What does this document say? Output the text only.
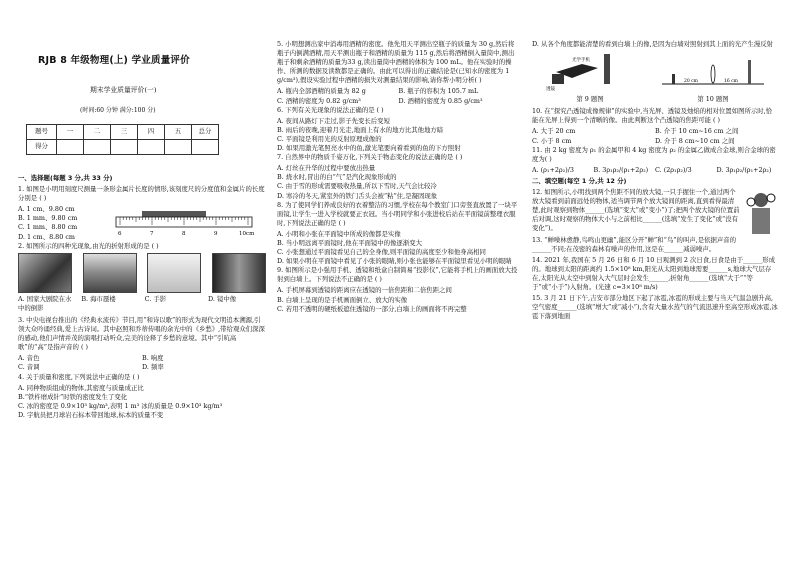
RJB 8 年级物理(上) 学业质量评价
期末学业质量评价(一)
(时间:60 分钟 满分:100 分)
题号	一	二	三	四	五	总分
得分						
一、选择题(每题 3 分,共 33 分)
1. 如图是小明用刻度尺测量一条形金属片长度的情形,该刻度尺的分度值和金属片的长度分别是 ( )
A. 1 cm、9.80 cm
B. 1 mm、9.80 cm
C. 1 mm、8.80 cm
D. 1 cm、8.80 cm	6	7	8	9	10cm
2. 如图所示的四种光现象,由光的折射形成的是 ( )
A. 国家大剧院在水中的倒影
B. 海市蜃楼	C. 手影	D. 镜中像
3. 中央电视台推出的《经典永流传》节目,用“和诗以歌”的形式为现代文明追本溯源,引领大众吟诵经典,爱上古诗词。其中赵照和乔蒂传唱的余光中的《乡愁》,带给观众们深深的感动,他们声情并茂的演唱打动听众,完美的诠释了乡愁的意境。其中“引吭高歌”的“高”是指声音的 ( )
A. 音色	B. 响度
C. 音调	D. 频率
4. 关于质量和密度,下列说法中正确的是 ( )
A. 同种物质组成的物体,其密度与质量成正比
B.“铁杵磨成针”时铁的密度发生了变化
C. 冰的密度是 0.9×10³ kg/m³,表明 1 m³ 冰的质量是 0.9×10³ kg/m³
D. 宇航员把月球岩石标本带回地球,标本的质量不变
5. 小明想测出家中消毒用酒精的密度。他先用天平测出空瓶子的质量为 30 g,然后将瓶子内倒满酒精,用天平测出瓶子和酒精的质量为 115 g,然后将酒精倒入量筒中,测出瓶子和剩余酒精的质量为33 g,读出量筒中酒精的体积为 100 mL。他在实验时的操作、所测的数据及读数都是正确的。由此可以得出的正确结论是(已知水的密度为 1 g/cm³),假设实验过程中酒精的损失对测量结果的影响,请你帮小明分析( )
A. 瓶内全部酒精的质量为 82 g	B. 瓶子的容积为 105.7 mL
C. 酒精的密度为 0.82 g/cm³	D. 酒精的密度为 0.85 g/cm³
6. 下列有关光现象的说法正确的是 ( )
A. 夜间从路灯下走过,影子先变长后变短
B. 雨后的夜晚,迎着月光走,地面上有水的地方比其他地方暗
C. 平面镜是利用光的反射原理成像的
D. 如果用激光笔照亮水中的鱼,激光笔要向着看到的鱼的下方照射
7. 自然界中的物质千姿万化,下列关于物态变化的说法正确的是 ( )
A. 灯丝在升华的过程中要放出热量
B. 烧水时,冒出的白“气”是汽化现象形成的
C. 由于雪的形成需要吸收热量,所以下雪时,天气会比较冷
D. 寒冷的冬天,紧室外的铁门舌头会被“粘”住,是凝固现象
8. 为了使同学们养成良好的衣着整洁的习惯,学校在每个教室门口旁竖直放置了一块平面镜,让学生一进入学校就要正衣冠。当小明同学和小张进校后站在平面镜前整理衣服时,下列说法正确的是 ( )
A. 小明和小张在平面镜中所成的像都是实像
B. 当小明远离平面镜时,他在平面镜中的像逐渐变大
C. 小张想通过平面镜看见自己的全身像,则平面镜的高度至少和他身高相同
D. 如果小明在平面镜中看见了小张的眼睛,则小张也能够在平面镜里看见小明的眼睛
9. 如图所示是小强用手机、透镜和纸盒自制简易“投影仪”,它能将手机上的画面放大投射到白墙上。下列说法不正确的是 ( )
A. 手机屏幕到透镜的距离应在透镜的一倍焦距和二倍焦距之间
B. 白墙上呈现的是手机画面倒立、放大的实像
C. 若用不透明的硬纸板遮住透镜的一部分,白墙上的画面将不再完整
D. 从各个角度都能清楚的看到白墙上的像,是因为白墙对照射到其上面的光产生漫反射
光学手机
透镜
第 9 题图
20 cm	16 cm
第 10 题图
10. 在“探究凸透镜成像规律”的实验中,当光屏、透镜及烛焰的相对位置如图所示时,恰能在光屏上得到一个清晰的像。由此判断这个凸透镜的焦距可能 ( )
A. 大于 20 cm	B. 介于 10 cm~16 cm 之间
C. 小于 8 cm	D. 介于 8 cm~10 cm 之间
11. 由 2 kg 密度为 ρ₁ 的金属甲和 4 kg 密度为 ρ₂ 的金属乙做成合金球,则合金球的密度为( )
A. (ρ₁+2ρ₂)/3	B. 3ρ₁ρ₂/(ρ₁+2ρ₂)	C. (2ρ₁ρ₂)/3	D. 3ρ₁ρ₂/(ρ₁+2ρ₂)
二、填空题(每空 1 分,共 12 分)
12. 如图所示,小明找到两个焦距不同的放大镜,一只手握住一个,通过两个放大镜看到前面远处的物体,适当调节两个放大镜间的距离,直到看得最清楚,此时观察到物体______(选填“变大”或“变小”)了;把两个放大镜的位置前后对调,这时观察的物体大小与之前相比______(选填“发生了变化”或“没有变化”)。
13. “蝉噪林愈静,鸟鸣山更幽”,能区分开“蝉”和“鸟”的叫声,是依据声音的______不同;在茂密的森林有噪声的作用,这是在______减弱噪声。
14. 2021 年,我国在 5 月 26 日和 6 月 10 日观测到 2 次日食,日食是由于______形成的。地球到太阳的距离约 1.5×10⁸ km,阳光从太阳到地球需要______s,地球大气层存在,太阳光从太空中到射入大气层时会发生______,折射角______(选填“大于”“等于”或“小于”)入射角。(光速 c=3×10⁸ m/s)
15. 3 月 21 日下午,吉安市部分地区下起了冰雹,冰雹的形成主要与当天气温急剧升高,空气密度______(选填“增大”或“减小”),含有大量水蒸气的气流迅速升至高空形成冰雹,冰雹下落到地面
